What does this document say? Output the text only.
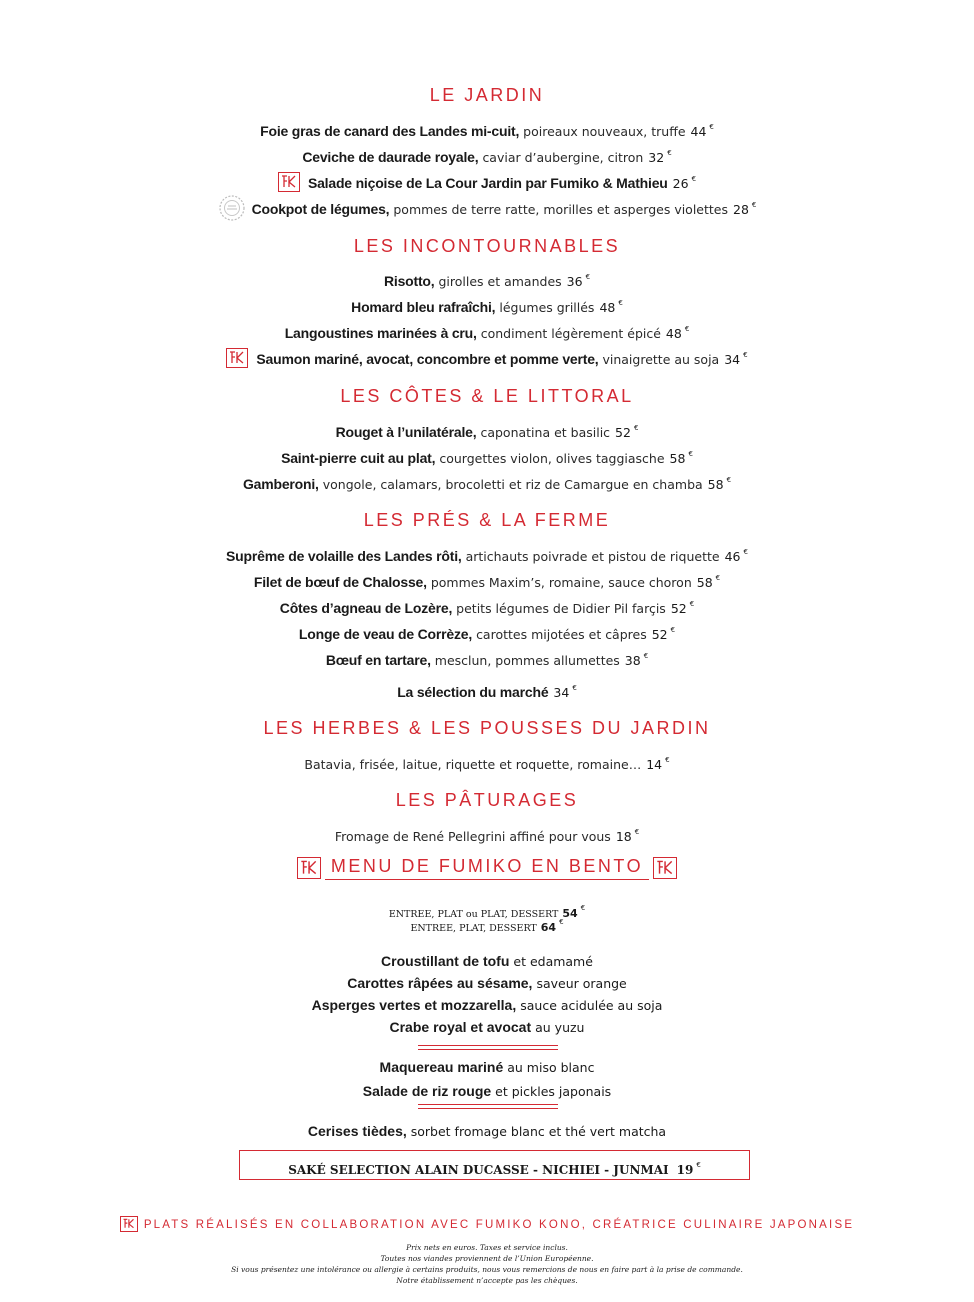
LE JARDIN
Foie gras de canard des Landes mi-cuit, poireaux nouveaux, truffe 44 €
Ceviche de daurade royale, caviar d’aubergine, citron 32 €
Salade niçoise de La Cour Jardin par Fumiko & Mathieu 26 €
Cookpot de légumes, pommes de terre ratte, morilles et asperges violettes 28 €
LES INCONTOURNABLES
Risotto, girolles et amandes 36 €
Homard bleu rafraîchi, légumes grillés 48 €
Langoustines marinées à cru, condiment légèrement épicé 48 €
Saumon mariné, avocat, concombre et pomme verte, vinaigrette au soja 34 €
LES CÔTES & LE LITTORAL
Rouget à l’unilatérale, caponatina et basilic 52 €
Saint-pierre cuit au plat, courgettes violon, olives taggiasche 58 €
Gamberoni, vongole, calamars, brocoletti et riz de Camargue en chamba 58 €
LES PRÉS & LA FERME
Suprême de volaille des Landes rôti, artichauts poivrade et pistou de riquette 46 €
Filet de bœuf de Chalosse, pommes Maxim’s, romaine, sauce choron 58 €
Côtes d’agneau de Lozère, petits légumes de Didier Pil farçis 52 €
Longe de veau de Corrèze, carottes mijotées et câpres 52 €
Bœuf en tartare, mesclun, pommes allumettes 38 €
La sélection du marché 34 €
LES HERBES & LES POUSSES DU JARDIN
Batavia, frisée, laitue, riquette et roquette, romaine… 14 €
LES PÂTURAGES
Fromage de René Pellegrini affiné pour vous 18 €
MENU DE FUMIKO EN BENTO
ENTREE, PLAT ou PLAT, DESSERT 54 €
ENTREE, PLAT, DESSERT 64 €
Croustillant de tofu et edamamé
Carottes râpées au sésame, saveur orange
Asperges vertes et mozzarella, sauce acidulée au soja
Crabe royal et avocat au yuzu
Maquereau mariné au miso blanc
Salade de riz rouge et pickles japonais
Cerises tièdes, sorbet fromage blanc et thé vert matcha
SAKÉ SELECTION ALAIN DUCASSE - NICHIEI - JUNMAI 19 €
PLATS RÉALISÉS EN COLLABORATION AVEC FUMIKO KONO, CRÉATRICE CULINAIRE JAPONAISE
Prix nets en euros. Taxes et service inclus.
Toutes nos viandes proviennent de l’Union Européenne.
Si vous présentez une intolérance ou allergie à certains produits, nous vous remercions de nous en faire part à la prise de commande.
Notre établissement n’accepte pas les chèques.
